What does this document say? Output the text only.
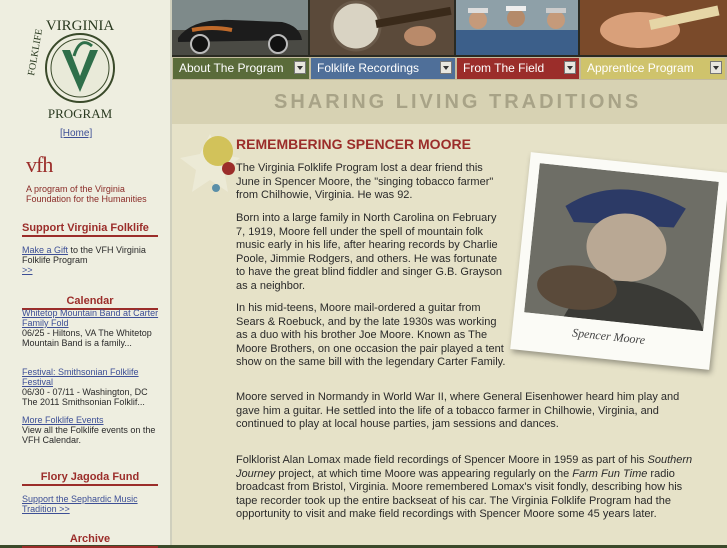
VIRGINIA
FOLKLIFE
PROGRAM
[Home]
vfh
A program of the Virginia Foundation for the Humanities
Support Virginia Folklife
Make a Gift to the VFH Virginia Folklife Program
>>
Calendar
Whitetop Mountain Band at Carter Family Fold
06/25 - Hiltons, VA The Whitetop Mountain Band is a family...
Festival: Smithsonian Folklife Festival
06/30 - 07/11 - Washington, DC The 2011 Smithsonian Folklif...
More Folklife Events
View all the Folklife events on the VFH Calendar.
Flory Jagoda Fund
Support the Sephardic Music Tradition >>
Archive
About The Program	Folklife Recordings	From The Field	Apprentice Program
SHARING LIVING TRADITIONS
REMEMBERING SPENCER MOORE
The Virginia Folklife Program lost a dear friend this June in Spencer Moore, the "singing tobacco farmer" from Chilhowie, Virginia. He was 92.
Born into a large family in North Carolina on February 7, 1919, Moore fell under the spell of mountain folk music early in his life, after hearing records by Charlie Poole, Jimmie Rodgers, and others. He was fortunate to have the great blind fiddler and singer G.B. Grayson as a neighbor.
In his mid-teens, Moore mail-ordered a guitar from Sears & Roebuck, and by the late 1930s was working as a duo with his brother Joe Moore. Known as The Moore Brothers, on one occasion the pair played a tent show on the same bill with the legendary Carter Family.
Moore served in Normandy in World War II, where General Eisenhower heard him play and gave him a guitar. He settled into the life of a tobacco farmer in Chilhowie, Virginia, and continued to play at local house parties, jam sessions and dances.
Folklorist Alan Lomax made field recordings of Spencer Moore in 1959 as part of his Southern Journey project, at which time Moore was appearing regularly on the Farm Fun Time radio broadcast from Bristol, Virginia. Moore remembered Lomax's visit fondly, describing how his tape recorder took up the entire backseat of his car. The Virginia Folklife Program had the opportunity to visit and make field recordings with Spencer Moore some 45 years later.
Spencer Moore
